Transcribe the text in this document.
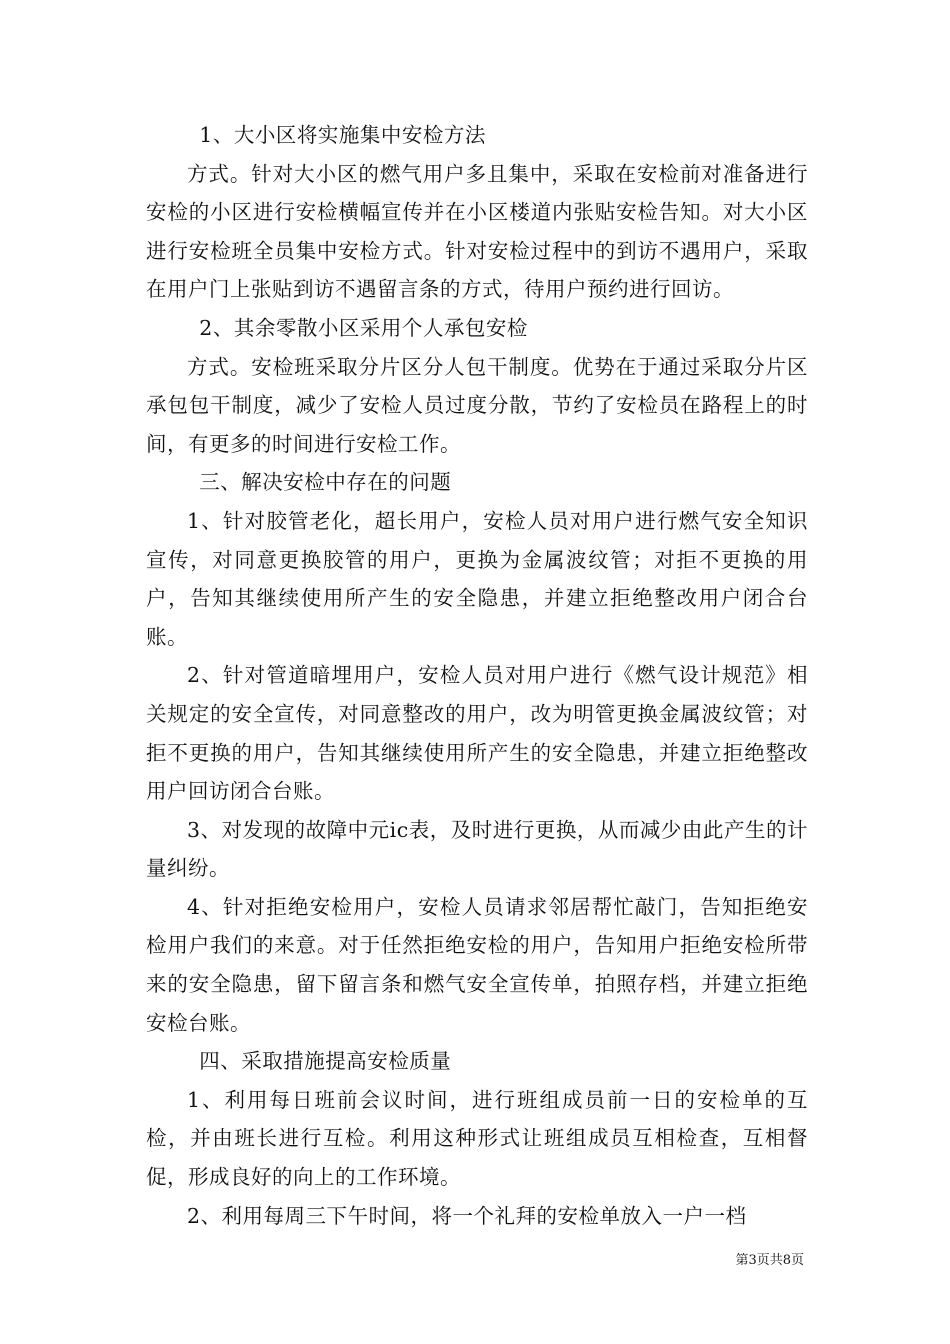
1、大小区将实施集中安检方法

方式。针对大小区的燃气用户多且集中，采取在安检前对准备进行安检的小区进行安检横幅宣传并在小区楼道内张贴安检告知。对大小区进行安检班全员集中安检方式。针对安检过程中的到访不遇用户，采取在用户门上张贴到访不遇留言条的方式，待用户预约进行回访。

2、其余零散小区采用个人承包安检

方式。安检班采取分片区分人包干制度。优势在于通过采取分片区承包包干制度，减少了安检人员过度分散，节约了安检员在路程上的时间，有更多的时间进行安检工作。

三、解决安检中存在的问题

1、针对胶管老化，超长用户，安检人员对用户进行燃气安全知识宣传，对同意更换胶管的用户，更换为金属波纹管；对拒不更换的用户，告知其继续使用所产生的安全隐患，并建立拒绝整改用户闭合台账。

2、针对管道暗埋用户，安检人员对用户进行《燃气设计规范》相关规定的安全宣传，对同意整改的用户，改为明管更换金属波纹管；对拒不更换的用户，告知其继续使用所产生的安全隐患，并建立拒绝整改用户回访闭合台账。

3、对发现的故障中元ic表，及时进行更换，从而减少由此产生的计量纠纷。

4、针对拒绝安检用户，安检人员请求邻居帮忙敲门，告知拒绝安检用户我们的来意。对于任然拒绝安检的用户，告知用户拒绝安检所带来的安全隐患，留下留言条和燃气安全宣传单，拍照存档，并建立拒绝安检台账。

四、采取措施提高安检质量

1、利用每日班前会议时间，进行班组成员前一日的安检单的互检，并由班长进行互检。利用这种形式让班组成员互相检查，互相督促，形成良好的向上的工作环境。

2、利用每周三下午时间，将一个礼拜的安检单放入一户一档

第3页共8页
